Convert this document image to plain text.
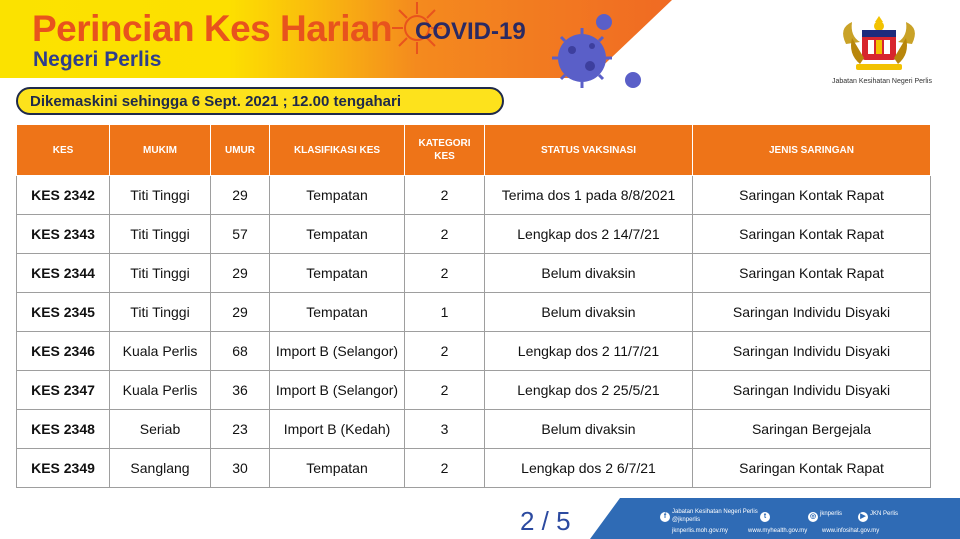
Perincian Kes Harian
Negeri Perlis
COVID-19
Dikemaskini sehingga 6 Sept. 2021 ; 12.00 tengahari
Jabatan Kesihatan Negeri Perlis
KES	MUKIM	UMUR	KLASIFIKASI KES	KATEGORI KES	STATUS VAKSINASI	JENIS SARINGAN
KES 2342	Titi Tinggi	29	Tempatan	2	Terima dos 1 pada 8/8/2021	Saringan Kontak Rapat
KES 2343	Titi Tinggi	57	Tempatan	2	Lengkap dos 2 14/7/21	Saringan Kontak Rapat
KES 2344	Titi Tinggi	29	Tempatan	2	Belum divaksin	Saringan Kontak Rapat
KES 2345	Titi Tinggi	29	Tempatan	1	Belum divaksin	Saringan Individu Disyaki
KES 2346	Kuala Perlis	68	Import B (Selangor)	2	Lengkap dos 2 11/7/21	Saringan Individu Disyaki
KES 2347	Kuala Perlis	36	Import B (Selangor)	2	Lengkap dos 2 25/5/21	Saringan Individu Disyaki
KES 2348	Seriab	23	Import B (Kedah)	3	Belum divaksin	Saringan Bergejala
KES 2349	Sanglang	30	Tempatan	2	Lengkap dos 2 6/7/21	Saringan Kontak Rapat
2 / 5	f
Jabatan Kesihatan Negeri Perlis
@jknperlis	t	◎ jknperlis	▶ JKN Perlis
jknperlis.moh.gov.my	www.myhealth.gov.my www.infosihat.gov.my
